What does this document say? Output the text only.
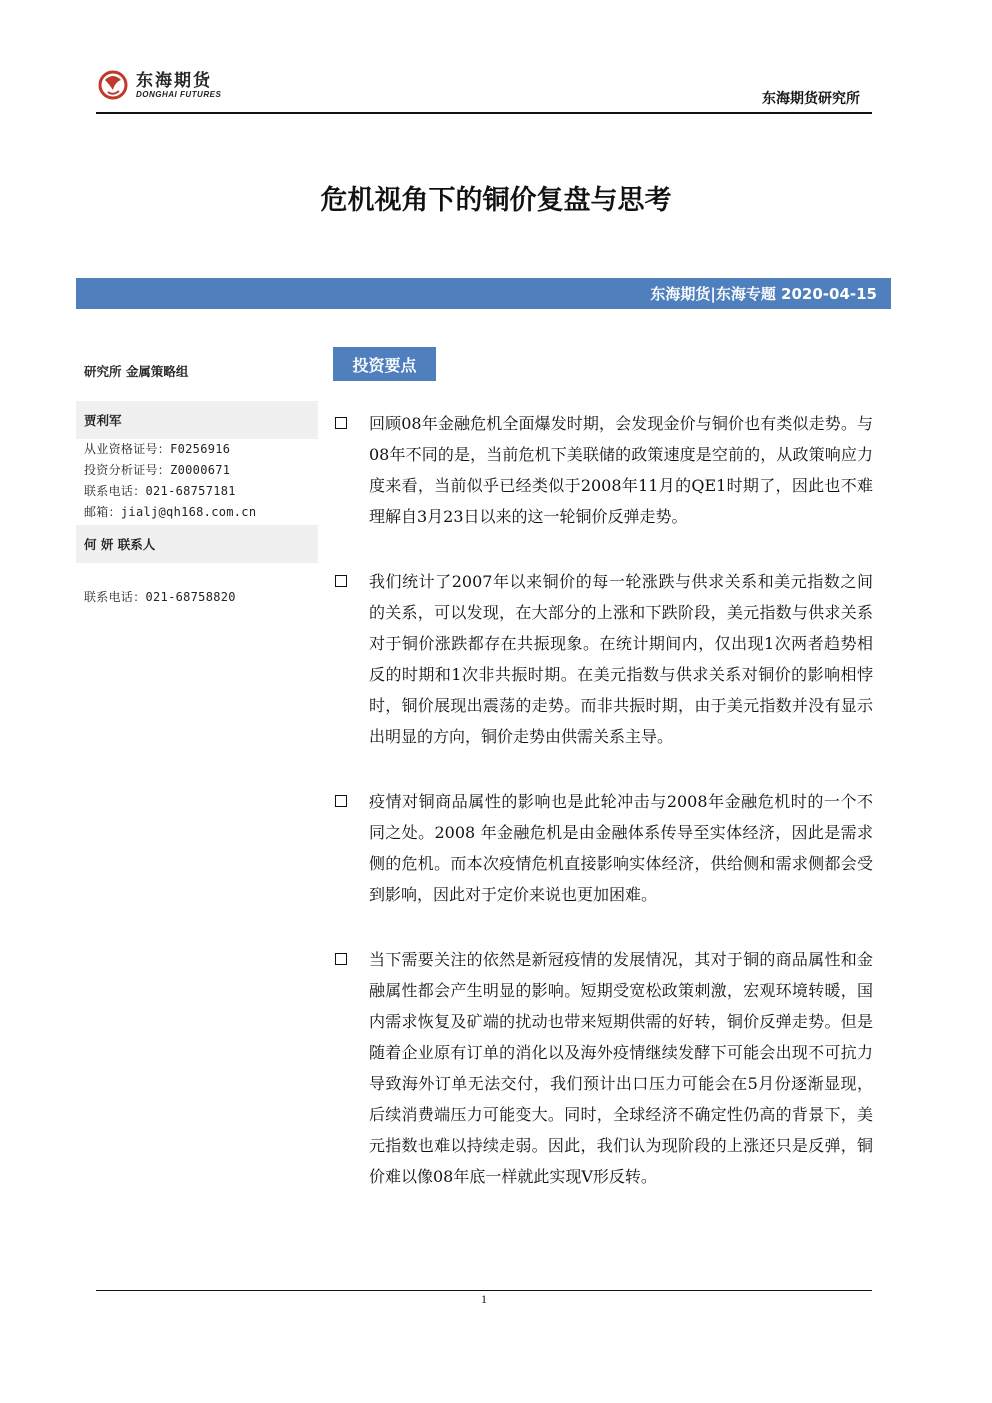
东海期货
DONGHAI FUTURES	东海期货研究所
危机视角下的铜价复盘与思考
东海期货|东海专题 2020-04-15
研究所 金属策略组
贾利军
从业资格证号：F0256916
投资分析证号：Z0000671
联系电话：021-68757181
邮箱：jialj@qh168.com.cn
何 妍 联系人
联系电话：021-68758820
投资要点
回顾08年金融危机全面爆发时期，会发现金价与铜价也有类似走势。与08年不同的是，当前危机下美联储的政策速度是空前的，从政策响应力度来看，当前似乎已经类似于2008年11月的QE1时期了，因此也不难理解自3月23日以来的这一轮铜价反弹走势。
我们统计了2007年以来铜价的每一轮涨跌与供求关系和美元指数之间的关系，可以发现，在大部分的上涨和下跌阶段，美元指数与供求关系对于铜价涨跌都存在共振现象。在统计期间内，仅出现1次两者趋势相反的时期和1次非共振时期。在美元指数与供求关系对铜价的影响相悖时，铜价展现出震荡的走势。而非共振时期，由于美元指数并没有显示出明显的方向，铜价走势由供需关系主导。
疫情对铜商品属性的影响也是此轮冲击与2008年金融危机时的一个不同之处。2008 年金融危机是由金融体系传导至实体经济，因此是需求侧的危机。而本次疫情危机直接影响实体经济，供给侧和需求侧都会受到影响，因此对于定价来说也更加困难。
当下需要关注的依然是新冠疫情的发展情况，其对于铜的商品属性和金融属性都会产生明显的影响。短期受宽松政策刺激，宏观环境转暖，国内需求恢复及矿端的扰动也带来短期供需的好转，铜价反弹走势。但是随着企业原有订单的消化以及海外疫情继续发酵下可能会出现不可抗力导致海外订单无法交付，我们预计出口压力可能会在5月份逐渐显现，后续消费端压力可能变大。同时，全球经济不确定性仍高的背景下，美元指数也难以持续走弱。因此，我们认为现阶段的上涨还只是反弹，铜价难以像08年底一样就此实现V形反转。
1
